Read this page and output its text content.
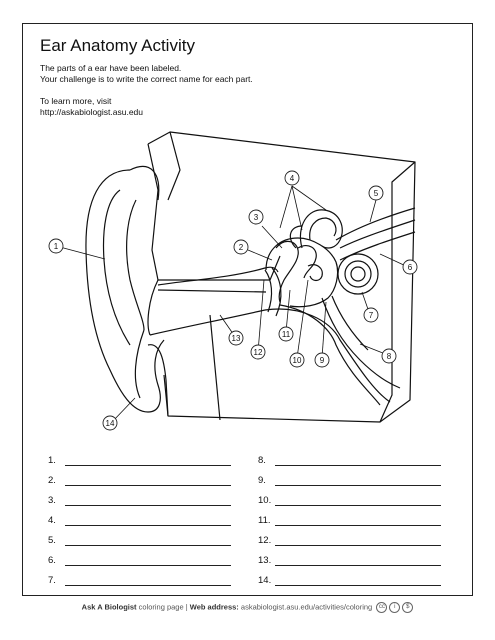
Ear Anatomy Activity
The parts of a ear have been labeled.
Your challenge is to write the correct name for each part.
To learn more, visit
http://askabiologist.asu.edu
1	2
3
4
5
6
7
8
9
10
11
12
13
14
1.
2.
3.
4.
5.
6.
7.
8.
9.
10.
11.
12.
13.
14.
Ask A Biologist coloring page | Web address: askabiologist.asu.edu/activities/coloring cc i $
